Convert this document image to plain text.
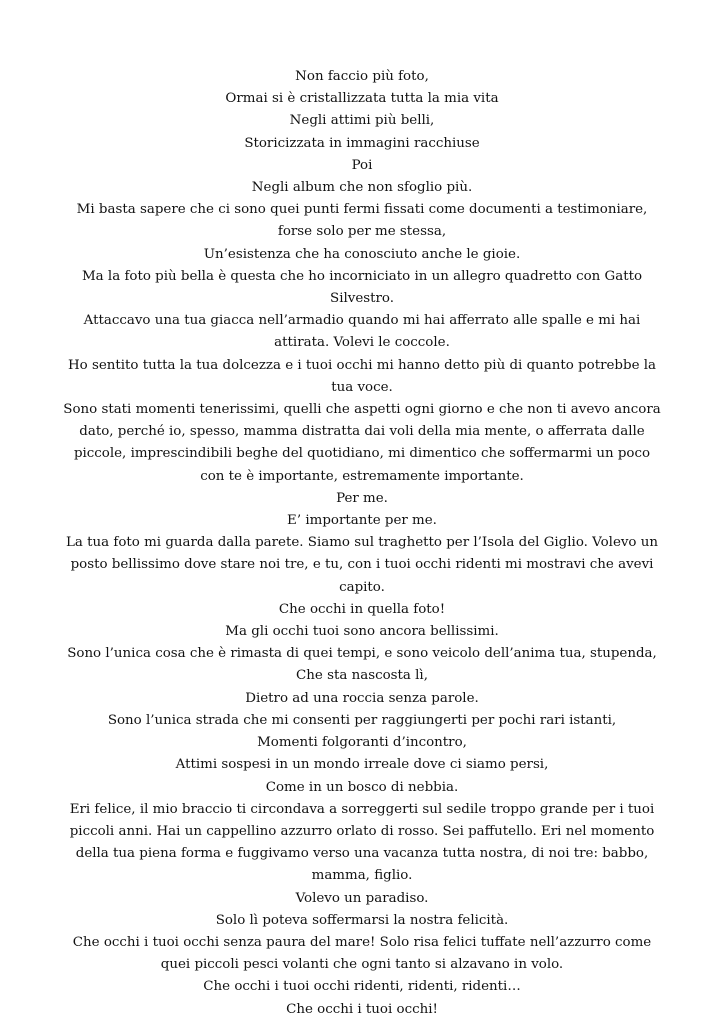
Non faccio più foto,

Ormai si è cristallizzata tutta la mia vita

Negli attimi più belli,

Storicizzata in immagini racchiuse

Poi

Negli album che non sfoglio più.

Mi basta sapere che ci sono quei punti fermi fissati come documenti a testimoniare, forse solo per me stessa,

Un’esistenza che ha conosciuto anche le gioie.

Ma la foto più bella è questa che ho incorniciato in un allegro quadretto con Gatto Silvestro.

Attaccavo una tua giacca nell’armadio quando mi hai afferrato alle spalle e mi hai attirata. Volevi le coccole.

Ho sentito tutta la tua dolcezza e i tuoi occhi mi hanno detto più di quanto potrebbe la tua voce.

Sono stati momenti tenerissimi, quelli che aspetti ogni giorno e che non ti avevo ancora dato, perché io, spesso, mamma distratta dai voli della mia mente, o afferrata dalle piccole, imprescindibili beghe del quotidiano, mi dimentico che soffermarmi un poco con te è importante, estremamente importante.

Per me.

E’ importante per me.

La tua foto mi guarda dalla parete. Siamo sul traghetto per l’Isola del Giglio. Volevo un posto bellissimo dove stare noi tre, e tu, con i tuoi occhi ridenti mi mostravi che avevi capito.

Che occhi in quella foto!

Ma gli occhi tuoi sono ancora bellissimi.

Sono l’unica cosa che è rimasta di quei tempi, e sono veicolo dell’anima tua, stupenda,

Che sta nascosta lì,

Dietro ad una roccia senza parole.

Sono l’unica strada che mi consenti per raggiungerti per pochi rari istanti,

Momenti folgoranti d’incontro,

Attimi sospesi in un mondo irreale dove ci siamo persi,

Come in un bosco di nebbia.

Eri felice, il mio braccio ti circondava a sorreggerti sul sedile troppo grande per i tuoi piccoli anni. Hai un cappellino azzurro orlato di rosso. Sei paffutello. Eri nel momento della tua piena forma e fuggivamo verso una vacanza tutta nostra, di noi tre: babbo, mamma, figlio.

Volevo un paradiso.

Solo lì poteva soffermarsi la nostra felicità.

Che occhi i tuoi occhi senza paura del mare! Solo risa felici tuffate nell’azzurro come quei piccoli pesci volanti che ogni tanto si alzavano in volo.

Che occhi i tuoi occhi ridenti, ridenti, ridenti…

Che occhi i tuoi occhi!
